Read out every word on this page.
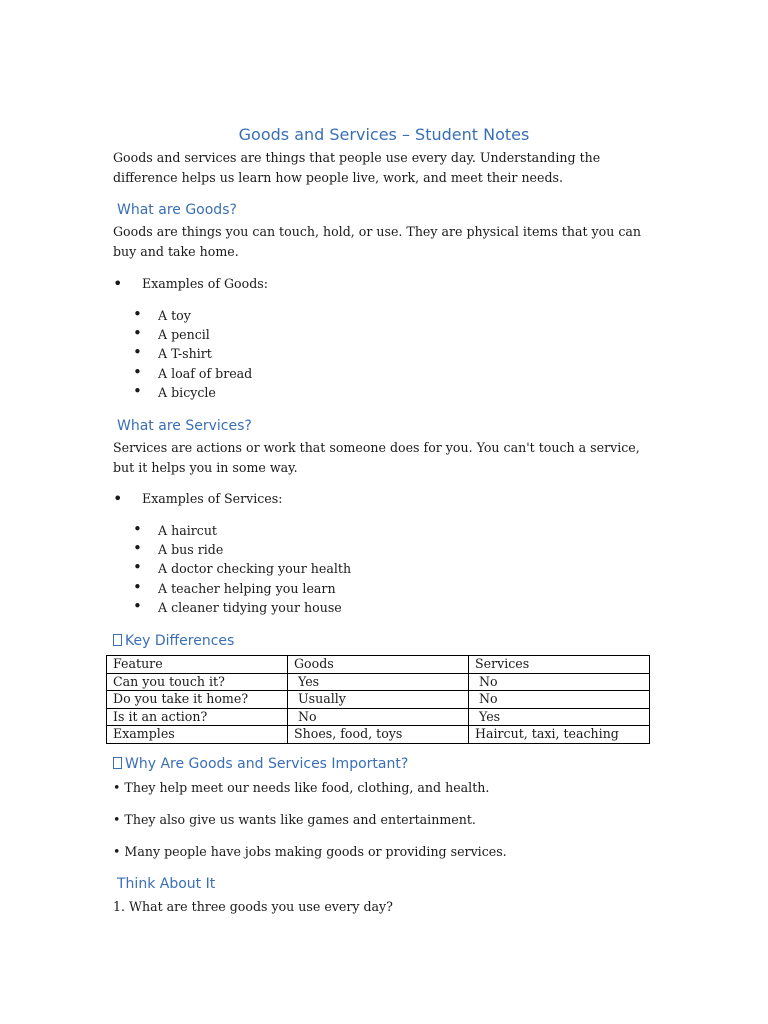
Goods and Services – Student Notes
Goods and services are things that people use every day. Understanding the difference helps us learn how people live, work, and meet their needs.
What are Goods?
Goods are things you can touch, hold, or use. They are physical items that you can buy and take home.
• Examples of Goods:
• A toy
• A pencil
• A T-shirt
• A loaf of bread
• A bicycle
What are Services?
Services are actions or work that someone does for you. You can't touch a service, but it helps you in some way.
• Examples of Services:
• A haircut
• A bus ride
• A doctor checking your health
• A teacher helping you learn
• A cleaner tidying your house
Key Differences
Feature	Goods	Services
Can you touch it?	Yes	No
Do you take it home?	Usually	No
Is it an action?	No	Yes
Examples	Shoes, food, toys	Haircut, taxi, teaching
Why Are Goods and Services Important?
• They help meet our needs like food, clothing, and health.
• They also give us wants like games and entertainment.
• Many people have jobs making goods or providing services.
Think About It
1. What are three goods you use every day?
